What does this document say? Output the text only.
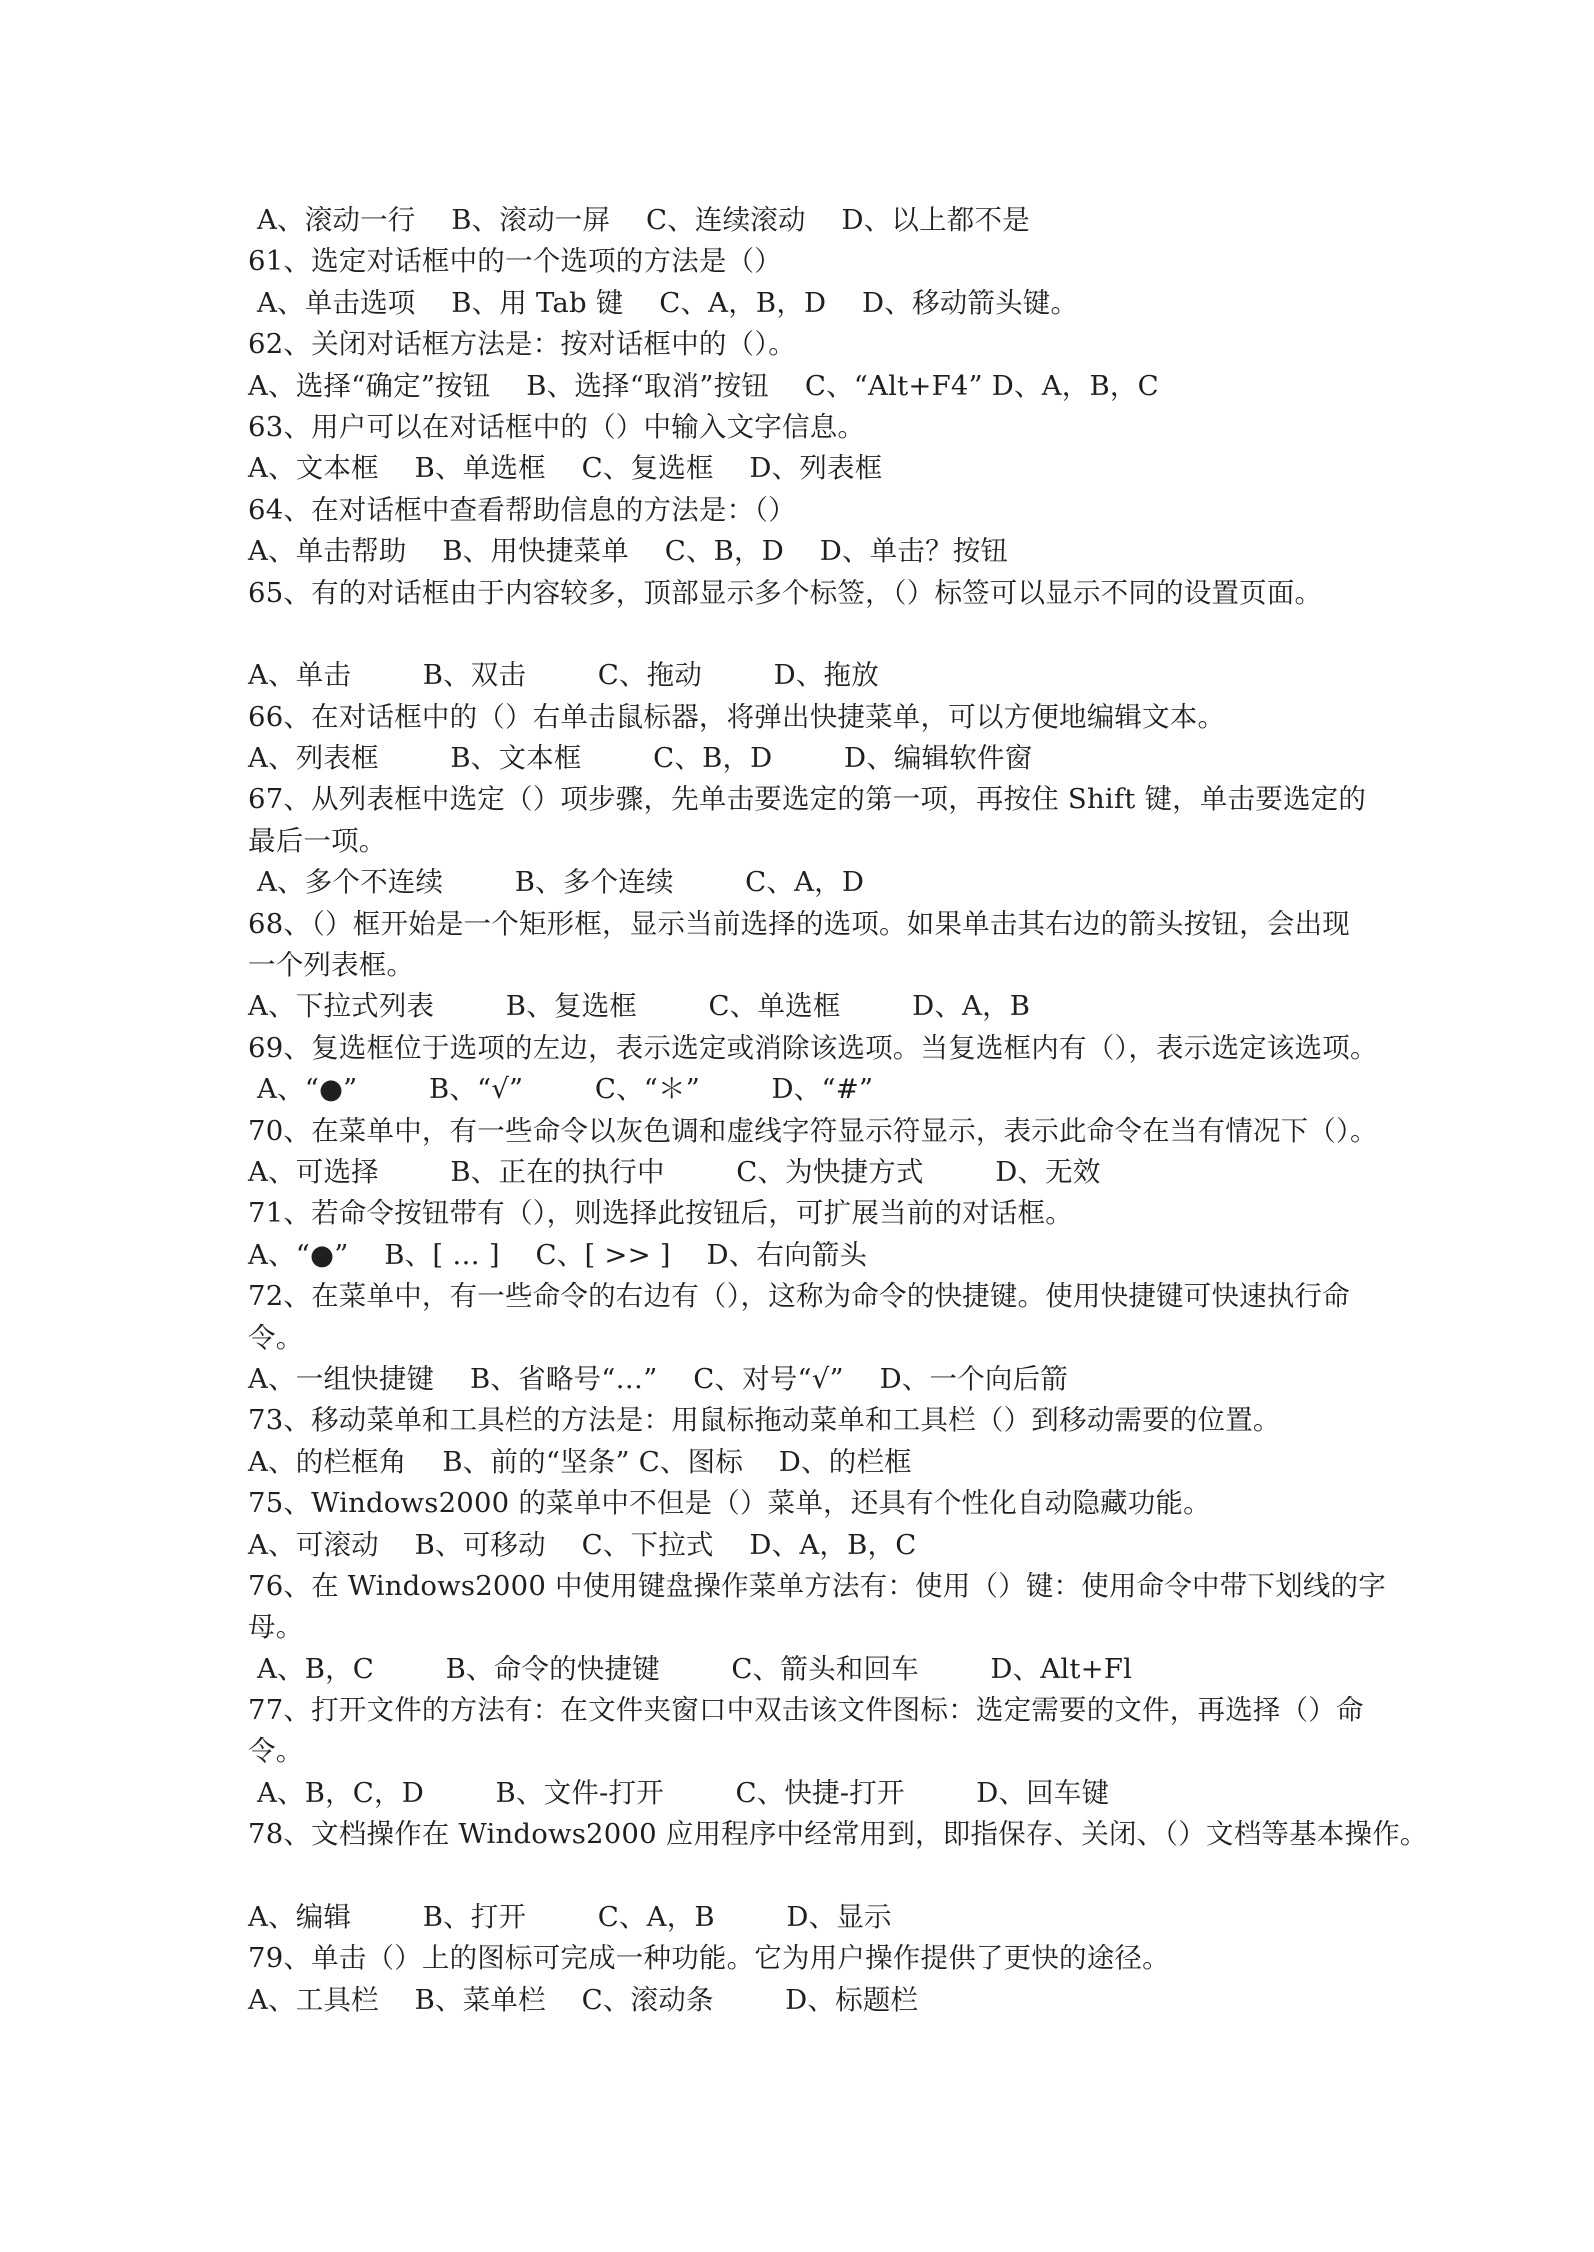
A、滚动一行    B、滚动一屏    C、连续滚动    D、以上都不是
61、选定对话框中的一个选项的方法是（）
A、单击选项    B、用 Tab 键    C、A，B，D    D、移动箭头键。
62、关闭对话框方法是：按对话框中的（）。
A、选择“确定”按钮    B、选择“取消”按钮    C、“Alt+F4” D、A，B，C
63、用户可以在对话框中的（）中输入文字信息。
A、文本框    B、单选框    C、复选框    D、列表框
64、在对话框中查看帮助信息的方法是：（）
A、单击帮助    B、用快捷菜单    C、B，D    D、单击？按钮
65、有的对话框由于内容较多，顶部显示多个标签，（）标签可以显示不同的设置页面。
A、单击        B、双击        C、拖动        D、拖放
66、在对话框中的（）右单击鼠标器，将弹出快捷菜单，可以方便地编辑文本。
A、列表框        B、文本框        C、B，D        D、编辑软件窗
67、从列表框中选定（）项步骤，先单击要选定的第一项，再按住 Shift 键，单击要选定的
最后一项。
A、多个不连续        B、多个连续        C、A，D
68、（）框开始是一个矩形框，显示当前选择的选项。如果单击其右边的箭头按钮，会出现
一个列表框。
A、下拉式列表        B、复选框        C、单选框        D、A，B
69、复选框位于选项的左边，表示选定或消除该选项。当复选框内有（），表示选定该选项。
A、“●”        B、“√”        C、“＊”        D、“#”
70、在菜单中，有一些命令以灰色调和虚线字符显示符显示，表示此命令在当有情况下（）。
A、可选择        B、正在的执行中        C、为快捷方式        D、无效
71、若命令按钮带有（），则选择此按钮后，可扩展当前的对话框。
A、“●”    B、[ … ]    C、[ >> ]    D、右向箭头
72、在菜单中，有一些命令的右边有（），这称为命令的快捷键。使用快捷键可快速执行命
令。
A、一组快捷键    B、省略号“…”    C、对号“√”    D、一个向后箭
73、移动菜单和工具栏的方法是：用鼠标拖动菜单和工具栏（）到移动需要的位置。
A、的栏框角    B、前的“坚条” C、图标    D、的栏框
75、Windows2000 的菜单中不但是（）菜单，还具有个性化自动隐藏功能。
A、可滚动    B、可移动    C、下拉式    D、A，B，C
76、在 Windows2000 中使用键盘操作菜单方法有：使用（）键：使用命令中带下划线的字
母。
A、B，C        B、命令的快捷键        C、箭头和回车        D、Alt+Fl
77、打开文件的方法有：在文件夹窗口中双击该文件图标：选定需要的文件，再选择（）命
令。
A、B，C，D        B、文件-打开        C、快捷-打开        D、回车键
78、文档操作在 Windows2000 应用程序中经常用到，即指保存、关闭、（）文档等基本操作。
A、编辑        B、打开        C、A，B        D、显示
79、单击（）上的图标可完成一种功能。它为用户操作提供了更快的途径。
A、工具栏    B、菜单栏    C、滚动条        D、标题栏
